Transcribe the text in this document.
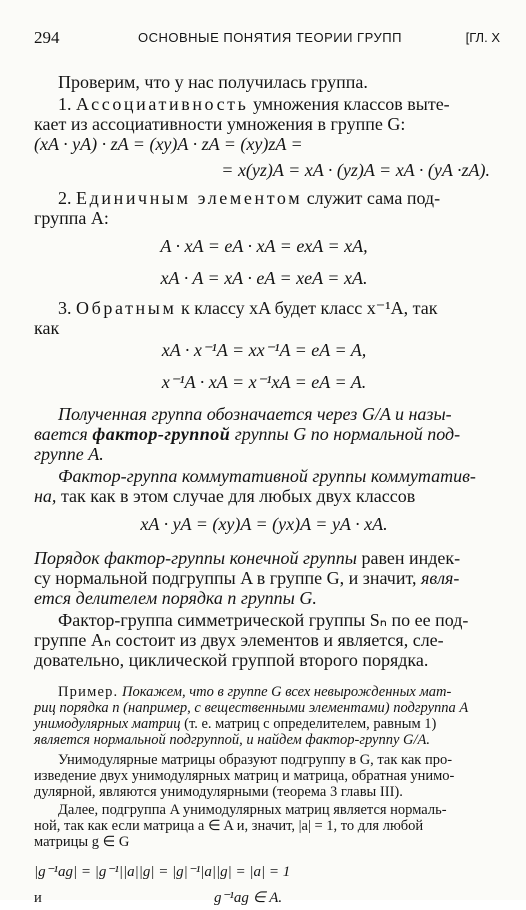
294	ОСНОВНЫЕ ПОНЯТИЯ ТЕОРИИ ГРУПП	[ГЛ. X

Проверим, что у нас получилась группа.

1. Ассоциативность умножения классов выте-
кает из ассоциативности умножения в группе G:

(xA · yA) · zA = (xy)A · zA = (xy)zA =
= x(yz)A = xA · (yz)A = xA · (yA ·zA).

2. Единичным элементом служит сама под-
группа A:

A · xA = eA · xA = exA = xA,
xA · A = xA · eA = xeA = xA.

3. Обратным к классу xA будет класс x⁻¹A, так
как

xA · x⁻¹A = xx⁻¹A = eA = A,
x⁻¹A · xA = x⁻¹xA = eA = A.

Полученная группа обозначается через G/A и назы-
вается фактор-группой группы G по нормальной под-
группе A.

Фактор-группа коммутативной группы коммутатив-
на, так как в этом случае для любых двух классов

xA · yA = (xy)A = (yx)A = yA · xA.

Порядок фактор-группы конечной группы равен индек-
су нормальной подгруппы A в группе G, и значит, явля-
ется делителем порядка n группы G.

Фактор-группа симметрической группы Sₙ по ее под-
группе Aₙ состоит из двух элементов и является, сле-
довательно, циклической группой второго порядка.

Пример. Покажем, что в группе G всех невырожденных мат-
риц порядка n (например, с вещественными элементами) подгруппа A
унимодулярных матриц (т. е. матриц с определителем, равным 1)
является нормальной подгруппой, и найдем фактор-группу G/A.

Унимодулярные матрицы образуют подгруппу в G, так как про-
изведение двух унимодулярных матриц и матрица, обратная унимо-
дулярной, являются унимодулярными (теорема 3 главы III).

Далее, подгруппа A унимодулярных матриц является нормаль-
ной, так как если матрица a ∈ A и, значит, |a| = 1, то для любой
матрицы g ∈ G

|g⁻¹ag| = |g⁻¹||a||g| = |g|⁻¹|a||g| = |a| = 1
и	g⁻¹ag ∈ A.
